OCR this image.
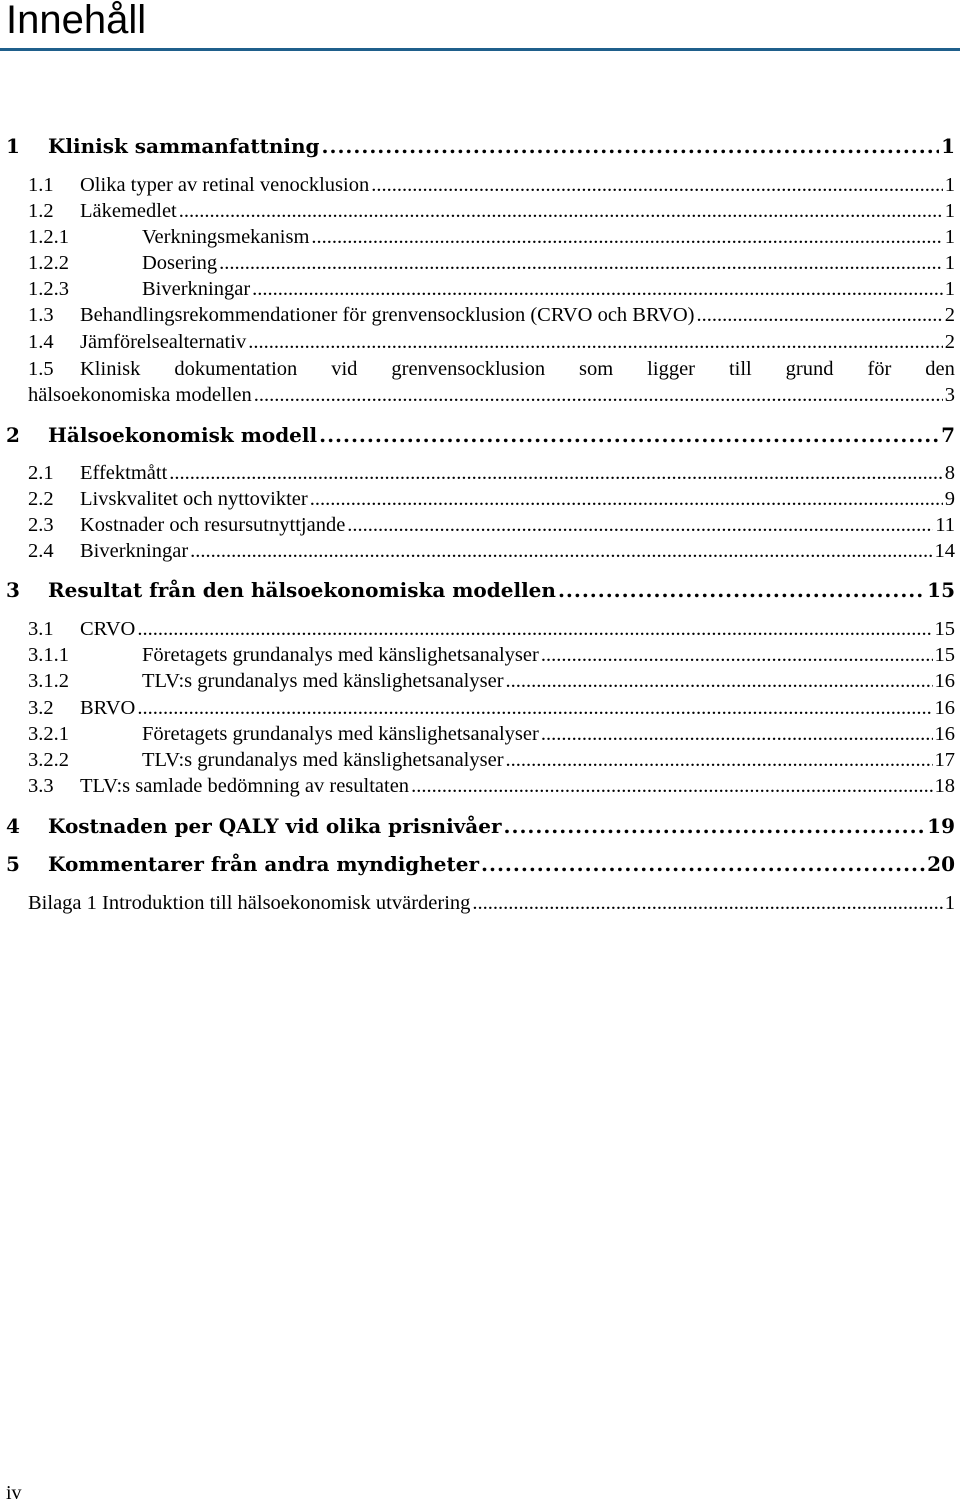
Innehåll
1	Klinisk sammanfattning .....	1
1.1	Olika typer av retinal venocklusion .....	1
1.2	Läkemedlet .....	1
1.2.1	Verkningsmekanism .....	1
1.2.2	Dosering .....	1
1.2.3	Biverkningar .....	1
1.3	Behandlingsrekommendationer för grenvensocklusion (CRVO och BRVO) .....	2
1.4	Jämförelsealternativ .....	2
1.5	Klinisk dokumentation vid grenvensocklusion som ligger till grund för den
hälsoekonomiska modellen .....	3
2	Hälsoekonomisk modell .....	7
2.1	Effektmått .....	8
2.2	Livskvalitet och nyttovikter .....	9
2.3	Kostnader och resursutnyttjande .....	11
2.4	Biverkningar .....	14
3	Resultat från den hälsoekonomiska modellen .....	15
3.1	CRVO .....	15
3.1.1	Företagets grundanalys med känslighetsanalyser .....	15
3.1.2	TLV:s grundanalys med känslighetsanalyser .....	16
3.2	BRVO .....	16
3.2.1	Företagets grundanalys med känslighetsanalyser .....	16
3.2.2	TLV:s grundanalys med känslighetsanalyser .....	17
3.3	TLV:s samlade bedömning av resultaten .....	18
4	Kostnaden per QALY vid olika prisnivåer .....	19
5	Kommentarer från andra myndigheter .....	20
Bilaga 1 Introduktion till hälsoekonomisk utvärdering .....	1
iv
